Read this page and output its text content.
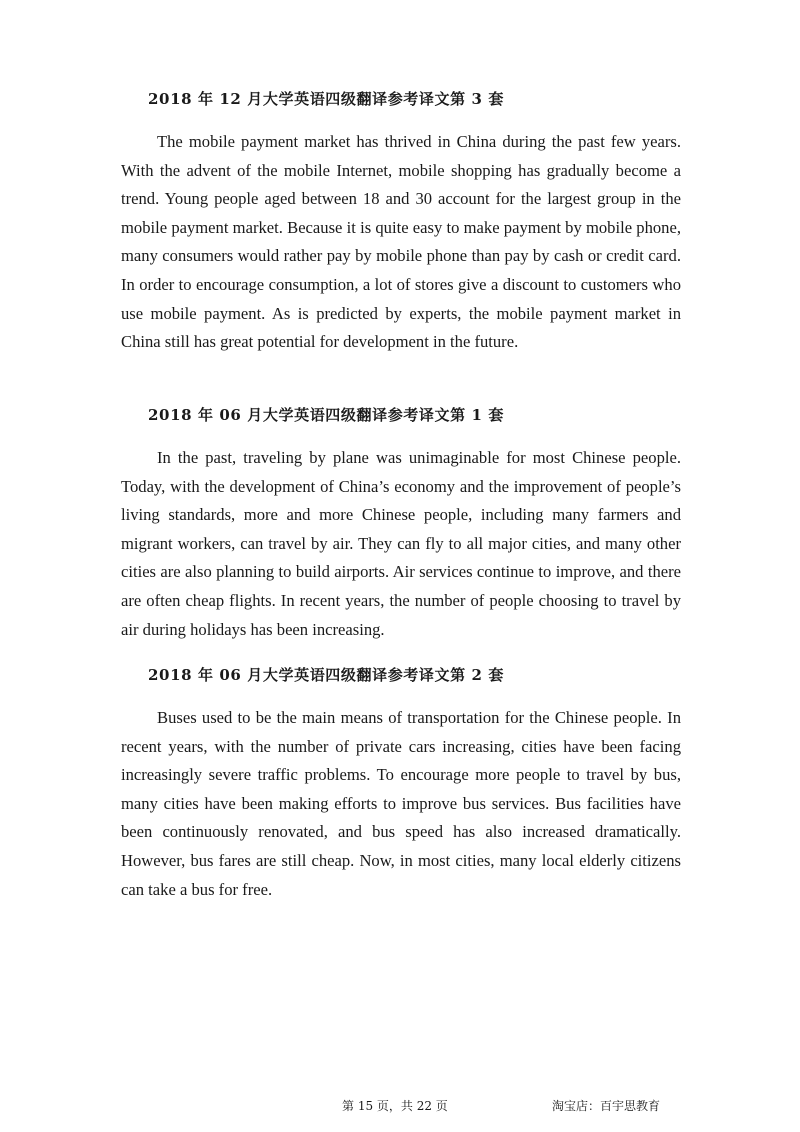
2018 年 12 月大学英语四级翻译参考译文第 3 套

The mobile payment market has thrived in China during the past few years. With the advent of the mobile Internet, mobile shopping has gradually become a trend. Young people aged between 18 and 30 account for the largest group in the mobile payment market. Because it is quite easy to make payment by mobile phone, many consumers would rather pay by mobile phone than pay by cash or credit card. In order to encourage consumption, a lot of stores give a discount to customers who use mobile payment. As is predicted by experts, the mobile payment market in China still has great potential for development in the future.

2018 年 06 月大学英语四级翻译参考译文第 1 套

In the past, traveling by plane was unimaginable for most Chinese people. Today, with the development of China’s economy and the improvement of people’s living standards, more and more Chinese people, including many farmers and migrant workers, can travel by air. They can fly to all major cities, and many other cities are also planning to build airports. Air services continue to improve, and there are often cheap flights. In recent years, the number of people choosing to travel by air during holidays has been increasing.

2018 年 06 月大学英语四级翻译参考译文第 2 套

Buses used to be the main means of transportation for the Chinese people. In recent years, with the number of private cars increasing, cities have been facing increasingly severe traffic problems. To encourage more people to travel by bus, many cities have been making efforts to improve bus services. Bus facilities have been continuously renovated, and bus speed has also increased dramatically. However, bus fares are still cheap. Now, in most cities, many local elderly citizens can take a bus for free.

第 15 页，共 22 页	淘宝店：百宇思教育
